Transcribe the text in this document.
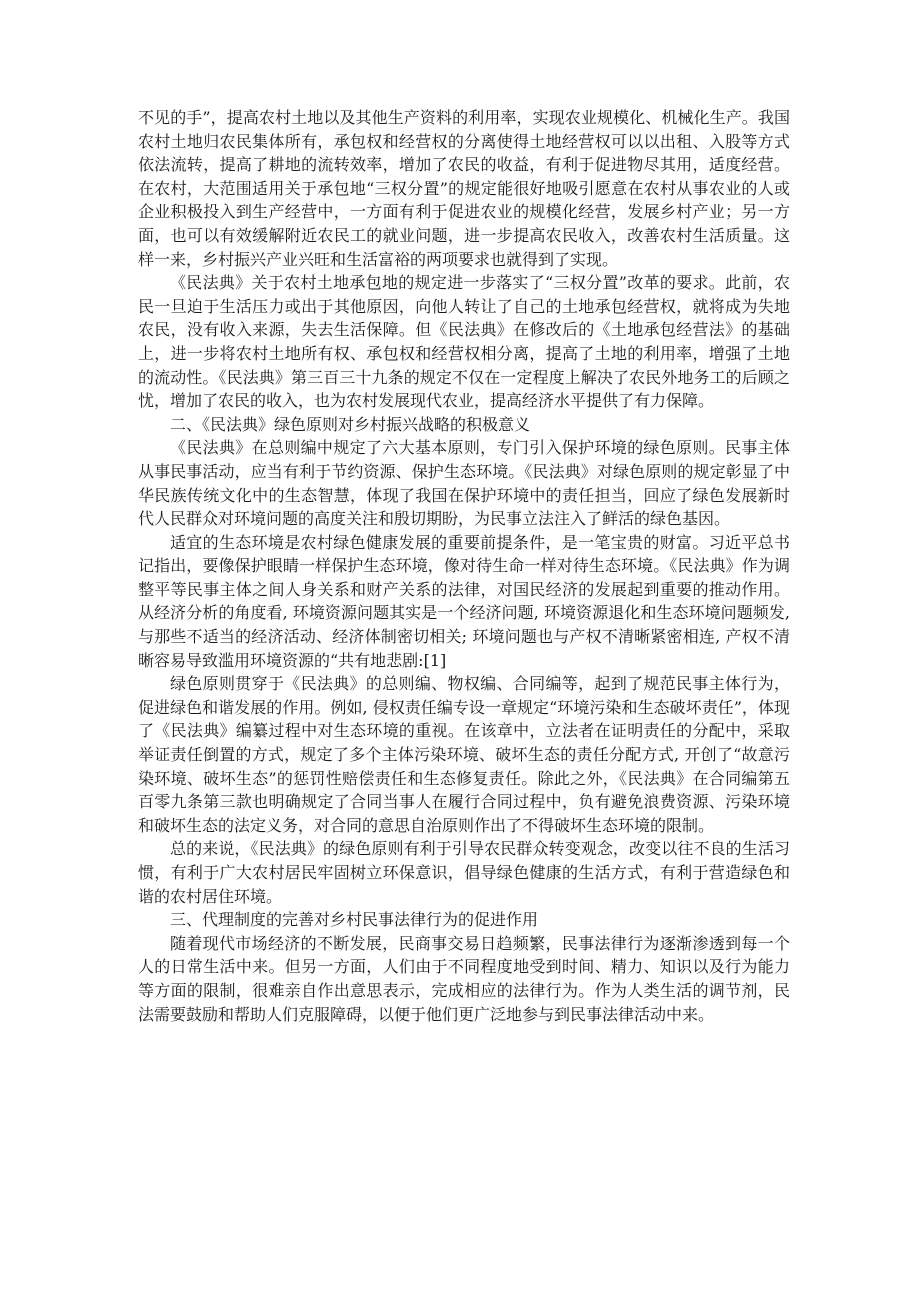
不见的手”，提高农村土地以及其他生产资料的利用率，实现农业规模化、机械化生产。我国农村土地归农民集体所有，承包权和经营权的分离使得土地经营权可以以出租、入股等方式依法流转，提高了耕地的流转效率，增加了农民的收益，有利于促进物尽其用，适度经营。在农村，大范围适用关于承包地“三权分置”的规定能很好地吸引愿意在农村从事农业的人或企业积极投入到生产经营中，一方面有利于促进农业的规模化经营，发展乡村产业；另一方面，也可以有效缓解附近农民工的就业问题，进一步提高农民收入，改善农村生活质量。这样一来，乡村振兴产业兴旺和生活富裕的两项要求也就得到了实现。

《民法典》关于农村土地承包地的规定进一步落实了“三权分置”改革的要求。此前，农民一旦迫于生活压力或出于其他原因，向他人转让了自己的土地承包经营权，就将成为失地农民，没有收入来源，失去生活保障。但《民法典》在修改后的《土地承包经营法》的基础上，进一步将农村土地所有权、承包权和经营权相分离，提高了土地的利用率，增强了土地的流动性。《民法典》第三百三十九条的规定不仅在一定程度上解决了农民外地务工的后顾之忧，增加了农民的收入，也为农村发展现代农业，提高经济水平提供了有力保障。

二、《民法典》绿色原则对乡村振兴战略的积极意义

《民法典》在总则编中规定了六大基本原则，专门引入保护环境的绿色原则。民事主体从事民事活动，应当有利于节约资源、保护生态环境。《民法典》对绿色原则的规定彰显了中华民族传统文化中的生态智慧，体现了我国在保护环境中的责任担当，回应了绿色发展新时代人民群众对环境问题的高度关注和殷切期盼，为民事立法注入了鲜活的绿色基因。

适宜的生态环境是农村绿色健康发展的重要前提条件，是一笔宝贵的财富。习近平总书记指出，要像保护眼睛一样保护生态环境，像对待生命一样对待生态环境。《民法典》作为调整平等民事主体之间人身关系和财产关系的法律，对国民经济的发展起到重要的推动作用。从经济分析的角度看, 环境资源问题其实是一个经济问题, 环境资源退化和生态环境问题频发, 与那些不适当的经济活动、经济体制密切相关; 环境问题也与产权不清晰紧密相连, 产权不清晰容易导致滥用环境资源的“共有地悲剧:[1]

绿色原则贯穿于《民法典》的总则编、物权编、合同编等，起到了规范民事主体行为，促进绿色和谐发展的作用。例如, 侵权责任编专设一章规定“环境污染和生态破坏责任”，体现了《民法典》编纂过程中对生态环境的重视。在该章中，立法者在证明责任的分配中，采取举证责任倒置的方式，规定了多个主体污染环境、破坏生态的责任分配方式, 开创了“故意污染环境、破坏生态”的惩罚性赔偿责任和生态修复责任。除此之外，《民法典》在合同编第五百零九条第三款也明确规定了合同当事人在履行合同过程中，负有避免浪费资源、污染环境和破坏生态的法定义务，对合同的意思自治原则作出了不得破坏生态环境的限制。

总的来说，《民法典》的绿色原则有利于引导农民群众转变观念，改变以往不良的生活习惯，有利于广大农村居民牢固树立环保意识，倡导绿色健康的生活方式，有利于营造绿色和谐的农村居住环境。

三、代理制度的完善对乡村民事法律行为的促进作用

随着现代市场经济的不断发展，民商事交易日趋频繁，民事法律行为逐渐渗透到每一个人的日常生活中来。但另一方面，人们由于不同程度地受到时间、精力、知识以及行为能力等方面的限制，很难亲自作出意思表示，完成相应的法律行为。作为人类生活的调节剂，民法需要鼓励和帮助人们克服障碍，以便于他们更广泛地参与到民事法律活动中来。
